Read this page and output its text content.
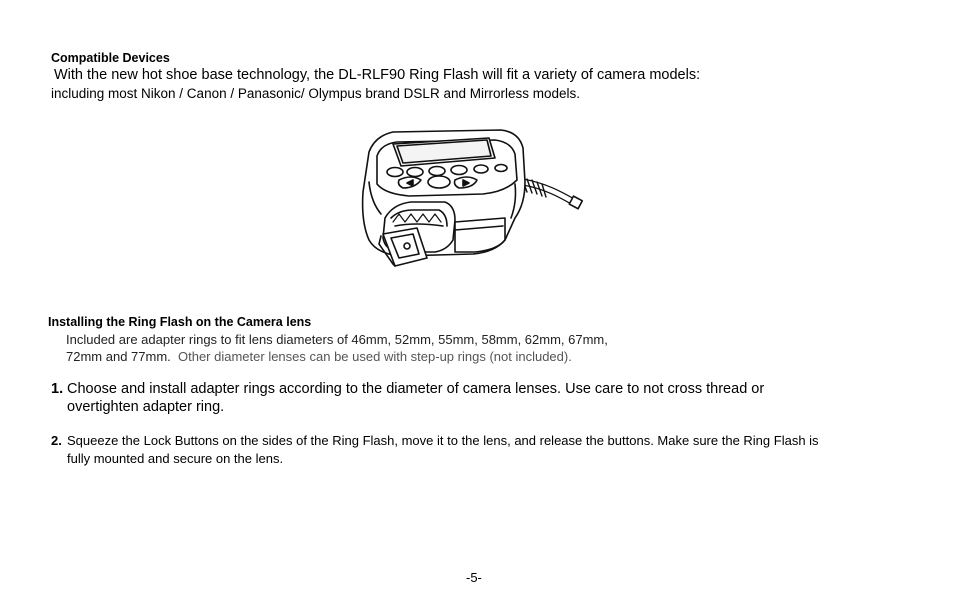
Compatible Devices
With the new hot shoe base technology, the DL-RLF90 Ring Flash will fit a variety of camera models:
including most Nikon / Canon / Panasonic/ Olympus brand DSLR and Mirrorless models.
Installing the Ring Flash on the Camera lens
Included are adapter rings to fit lens diameters of 46mm, 52mm, 55mm, 58mm, 62mm, 67mm,
72mm and 77mm. Other diameter lenses can be used with step-up rings (not included).
1. Choose and install adapter rings according to the diameter of camera lenses. Use care to not cross thread or
overtighten adapter ring.
2. Squeeze the Lock Buttons on the sides of the Ring Flash, move it to the lens, and release the buttons. Make sure the Ring Flash is
fully mounted and secure on the lens.
-5-
